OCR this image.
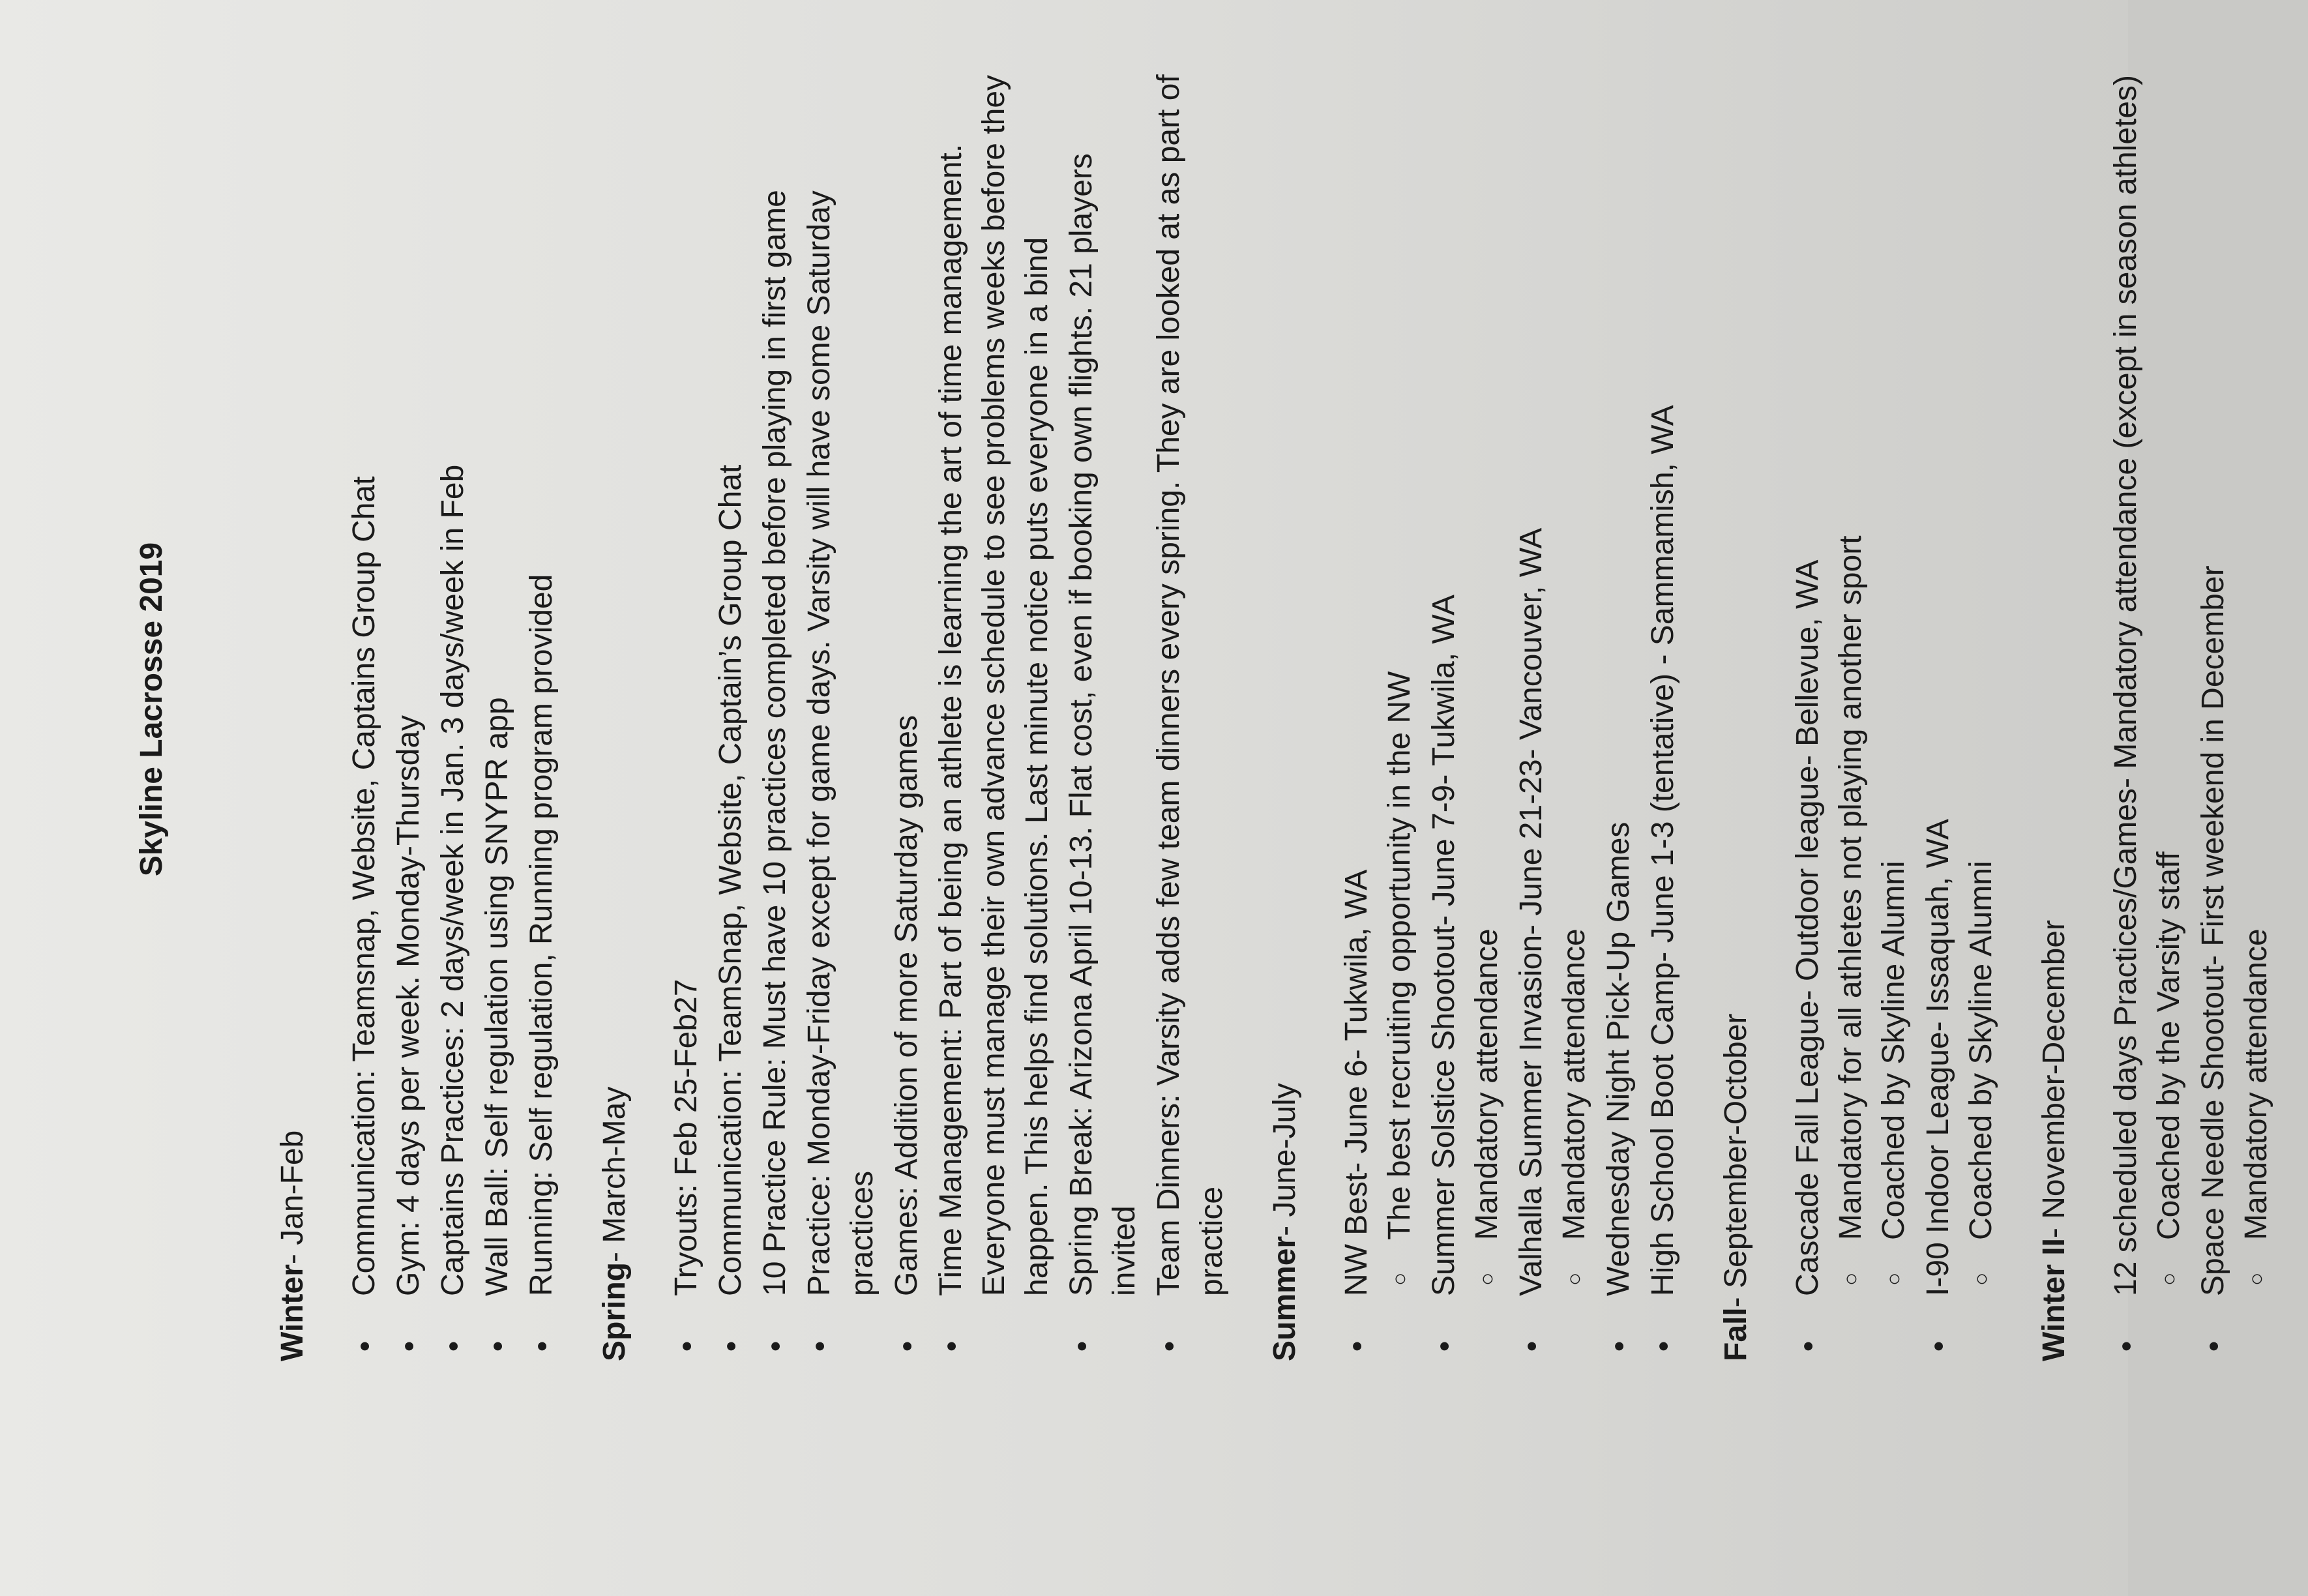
Skyline Lacrosse 2019
Winter- Jan-Feb ● Communication: Teamsnap, Website, Captains Group Chat ● Gym: 4 days per week. Monday-Thursday ● Captains Practices: 2 days/week in Jan. 3 days/week in Feb ● Wall Ball: Self regulation using SNYPR app ● Running: Self regulation, Running program provided
Spring- March-May ● Tryouts: Feb 25-Feb27 ● Communication: TeamSnap, Website, Captain’s Group Chat ● 10 Practice Rule: Must have 10 practices completed before playing in first game ● Practice: Monday-Friday except for game days. Varsity will have some Saturday practices ● Games: Addition of more Saturday games ● Time Management: Part of being an athlete is learning the art of time management. Everyone must manage their own advance schedule to see problems weeks before they happen. This helps find solutions. Last minute notice puts everyone in a bind ● Spring Break: Arizona April 10-13. Flat cost, even if booking own flights. 21 players invited ● Team Dinners: Varsity adds few team dinners every spring. They are looked at as part of practice Summer- June-July ● NW Best- June 6- Tukwila, WA ○ The best recruiting opportunity in the NW ● Summer Solstice Shootout- June 7-9- Tukwila, WA ○ Mandatory attendance ● Valhalla Summer Invasion- June 21-23- Vancouver, WA ○ Mandatory attendance ● Wednesday Night Pick-Up Games ● High School Boot Camp- June 1-3 (tentative) - Sammamish, WA
Fall- September-October ● Cascade Fall League- Outdoor league- Bellevue, WA ○ Mandatory for all athletes not playing another sport ○ Coached by Skyline Alumni ● I-90 Indoor League- Issaquah, WA ○ Coached by Skyline Alumni
Winter II- November-December ● 12 scheduled days Practices/Games- Mandatory attendance (except in season athletes) ○ Coached by the Varsity staff ● Space Needle Shootout- First weekend in December ○ Mandatory attendance
